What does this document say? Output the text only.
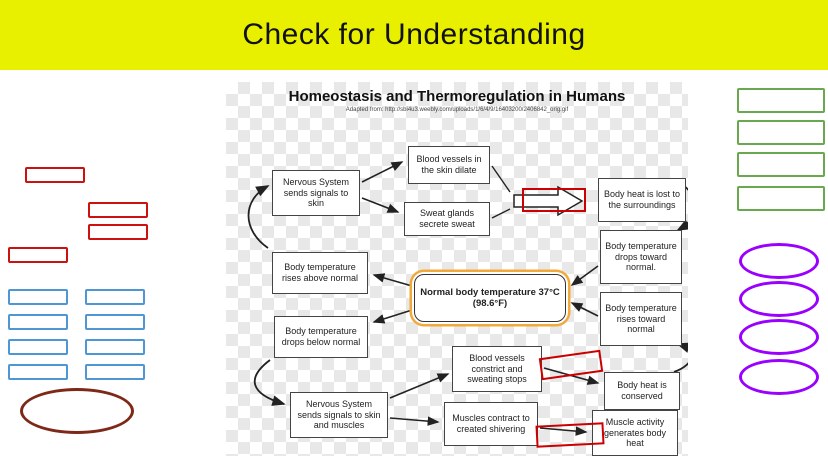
Check for Understanding
Homeostasis and Thermoregulation in Humans
Adapted from: http://sbi4u3.weebly.com/uploads/1/6/4/9/16403200/2406842_orig.gif
Blood vessels in the skin dilate
Nervous System sends signals to skin
Sweat glands secrete sweat
Body heat is lost to the surroundings
Body temperature drops toward normal.
Body temperature rises above normal
Normal body temperature 37°C (98.6°F)	Body temperature rises toward normal
Body temperature drops below normal
Blood vessels constrict and sweating stops
Body heat is conserved
Nervous System sends signals to skin and muscles
Muscles contract to created shivering
Muscle activity generates body heat
